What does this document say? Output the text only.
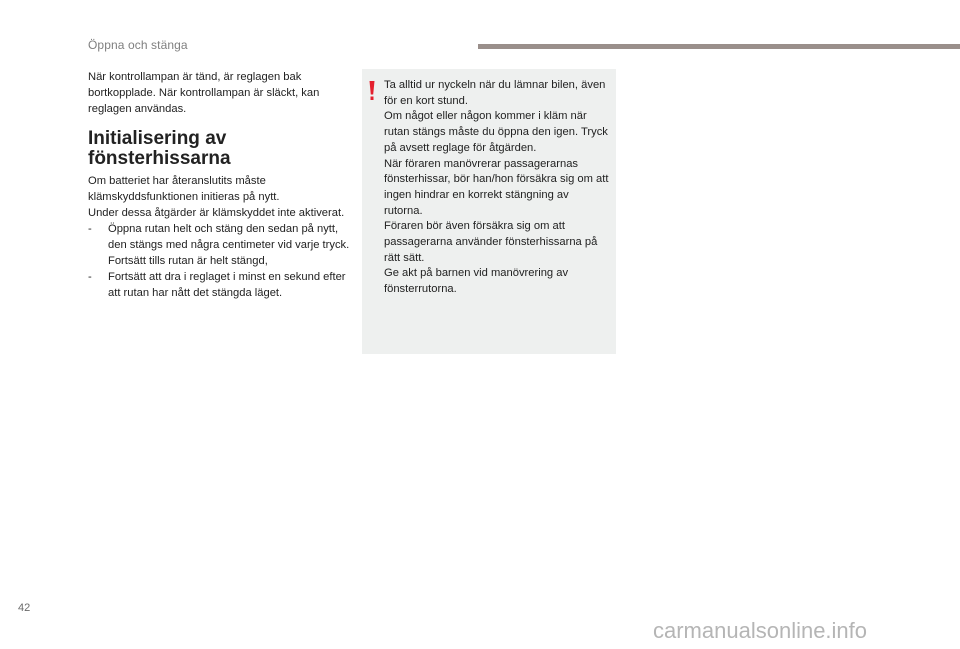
Öppna och stänga

När kontrollampan är tänd, är reglagen bak bortkopplade. När kontrollampan är släckt, kan reglagen användas.

Initialisering av
fönsterhissarna

Om batteriet har återanslutits måste klämskyddsfunktionen initieras på nytt.

Under dessa åtgärder är klämskyddet inte aktiverat.

- Öppna rutan helt och stäng den sedan på nytt, den stängs med några centimeter vid varje tryck. Fortsätt tills rutan är helt stängd,
- Fortsätt att dra i reglaget i minst en sekund efter att rutan har nått det stängda läget.

Ta alltid ur nyckeln när du lämnar bilen, även för en kort stund.

Om något eller någon kommer i kläm när rutan stängs måste du öppna den igen. Tryck på avsett reglage för åtgärden.

När föraren manövrerar passagerarnas fönsterhissar, bör han/hon försäkra sig om att ingen hindrar en korrekt stängning av rutorna.

Föraren bör även försäkra sig om att passagerarna använder fönsterhissarna på rätt sätt.

Ge akt på barnen vid manövrering av fönsterrutorna.

42
carmanualsonline.info
